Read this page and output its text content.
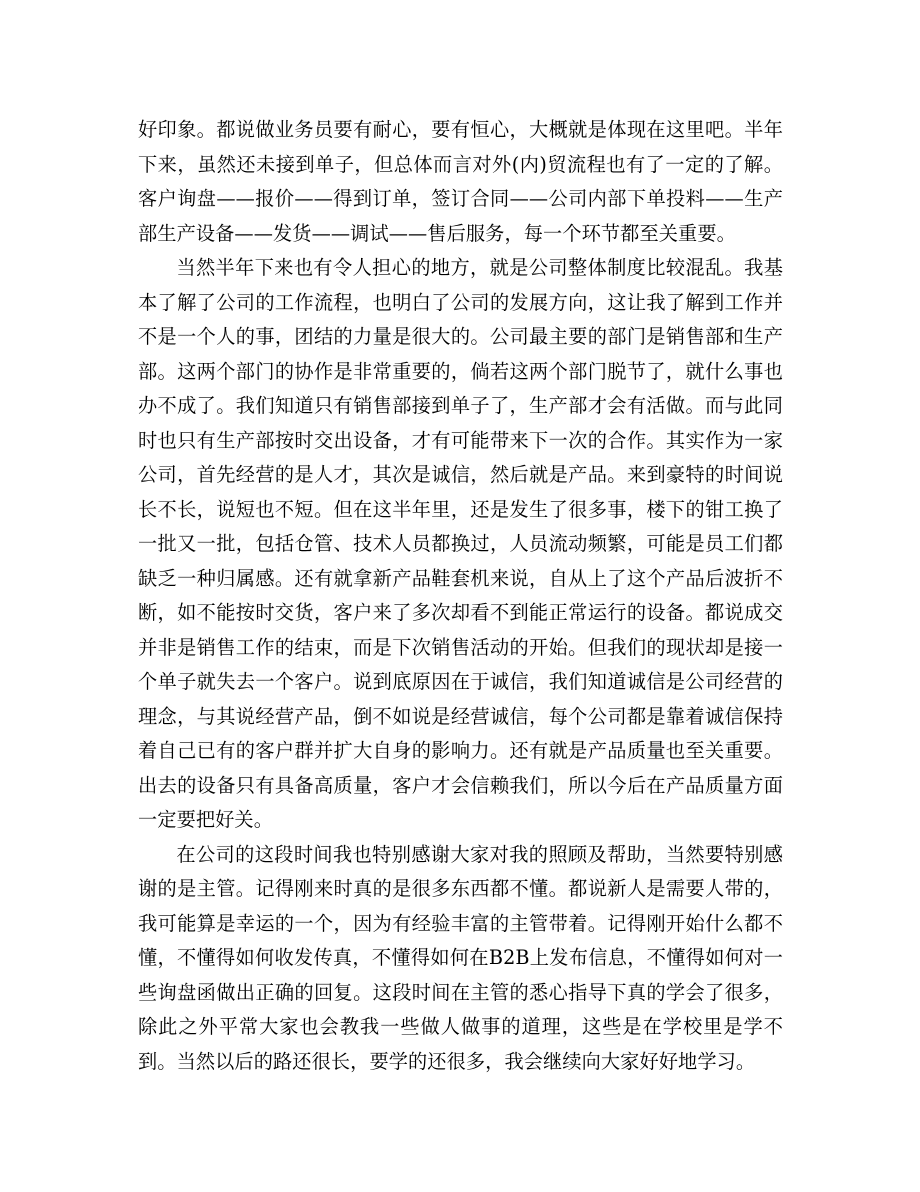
好印象。都说做业务员要有耐心，要有恒心，大概就是体现在这里吧。半年下来，虽然还未接到单子，但总体而言对外(内)贸流程也有了一定的了解。客户询盘——报价——得到订单，签订合同——公司内部下单投料——生产部生产设备——发货——调试——售后服务，每一个环节都至关重要。

当然半年下来也有令人担心的地方，就是公司整体制度比较混乱。我基本了解了公司的工作流程，也明白了公司的发展方向，这让我了解到工作并不是一个人的事，团结的力量是很大的。公司最主要的部门是销售部和生产部。这两个部门的协作是非常重要的，倘若这两个部门脱节了，就什么事也办不成了。我们知道只有销售部接到单子了，生产部才会有活做。而与此同时也只有生产部按时交出设备，才有可能带来下一次的合作。其实作为一家公司，首先经营的是人才，其次是诚信，然后就是产品。来到豪特的时间说长不长，说短也不短。但在这半年里，还是发生了很多事，楼下的钳工换了一批又一批，包括仓管、技术人员都换过，人员流动频繁，可能是员工们都缺乏一种归属感。还有就拿新产品鞋套机来说，自从上了这个产品后波折不断，如不能按时交货，客户来了多次却看不到能正常运行的设备。都说成交并非是销售工作的结束，而是下次销售活动的开始。但我们的现状却是接一个单子就失去一个客户。说到底原因在于诚信，我们知道诚信是公司经营的理念，与其说经营产品，倒不如说是经营诚信，每个公司都是靠着诚信保持着自己已有的客户群并扩大自身的影响力。还有就是产品质量也至关重要。出去的设备只有具备高质量，客户才会信赖我们，所以今后在产品质量方面一定要把好关。

在公司的这段时间我也特别感谢大家对我的照顾及帮助，当然要特别感谢的是主管。记得刚来时真的是很多东西都不懂。都说新人是需要人带的，我可能算是幸运的一个，因为有经验丰富的主管带着。记得刚开始什么都不懂，不懂得如何收发传真，不懂得如何在B2B上发布信息，不懂得如何对一些询盘函做出正确的回复。这段时间在主管的悉心指导下真的学会了很多，除此之外平常大家也会教我一些做人做事的道理，这些是在学校里是学不到。当然以后的路还很长，要学的还很多，我会继续向大家好好地学习。
